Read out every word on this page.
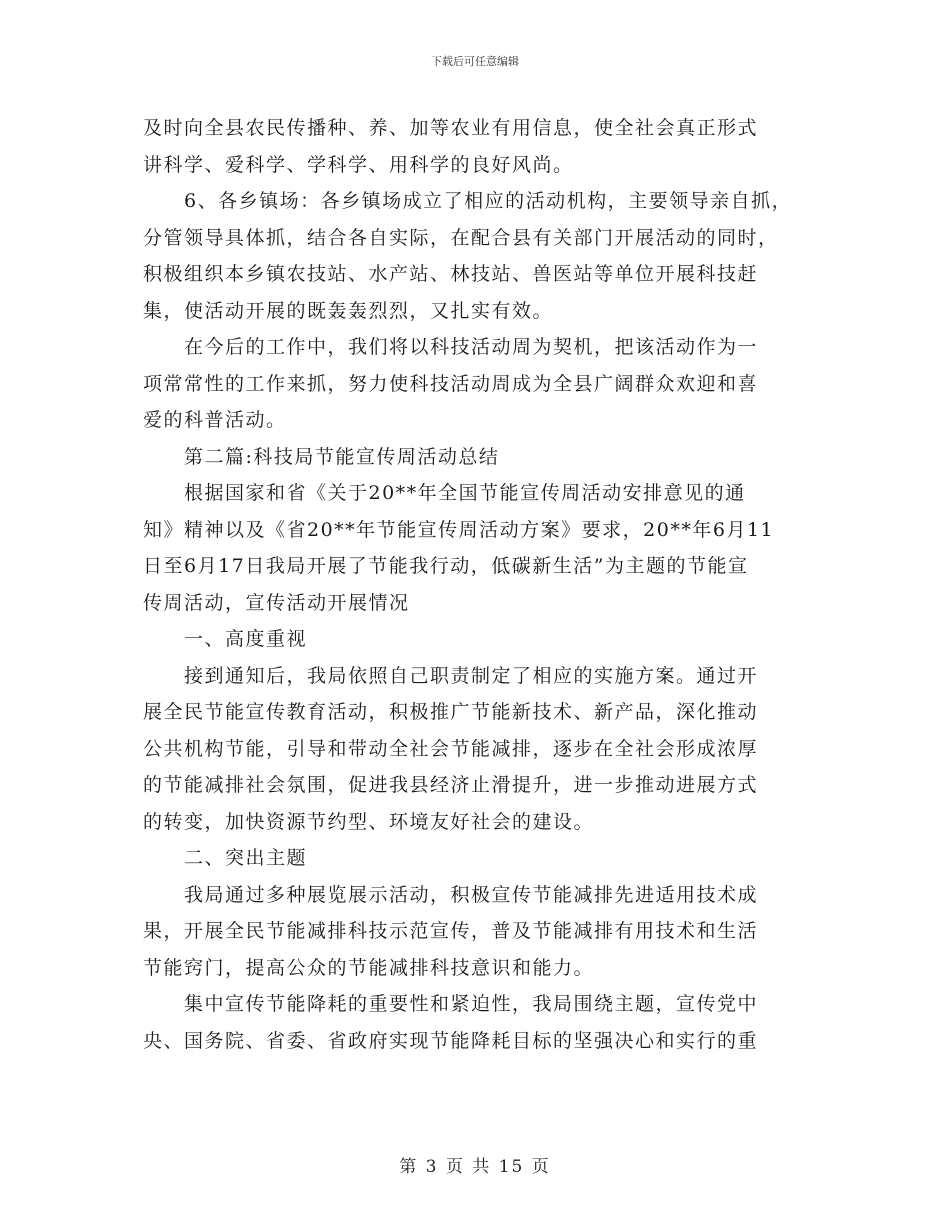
下载后可任意编辑

及时向全县农民传播种、养、加等农业有用信息，使全社会真正形式

讲科学、爱科学、学科学、用科学的良好风尚。

6、各乡镇场：各乡镇场成立了相应的活动机构，主要领导亲自抓，

分管领导具体抓，结合各自实际，在配合县有关部门开展活动的同时，

积极组织本乡镇农技站、水产站、林技站、兽医站等单位开展科技赶

集，使活动开展的既轰轰烈烈，又扎实有效。

在今后的工作中，我们将以科技活动周为契机，把该活动作为一

项常常性的工作来抓，努力使科技活动周成为全县广阔群众欢迎和喜

爱的科普活动。

第二篇:科技局节能宣传周活动总结

根据国家和省《关于20**年全国节能宣传周活动安排意见的通

知》精神以及《省20**年节能宣传周活动方案》要求，20**年6月11

日至6月17日我局开展了节能我行动，低碳新生活”为主题的节能宣

传周活动，宣传活动开展情况

一、高度重视

接到通知后，我局依照自己职责制定了相应的实施方案。通过开

展全民节能宣传教育活动，积极推广节能新技术、新产品，深化推动

公共机构节能，引导和带动全社会节能减排，逐步在全社会形成浓厚

的节能减排社会氛围，促进我县经济止滑提升，进一步推动进展方式

的转变，加快资源节约型、环境友好社会的建设。

二、突出主题

我局通过多种展览展示活动，积极宣传节能减排先进适用技术成

果，开展全民节能减排科技示范宣传，普及节能减排有用技术和生活

节能窍门，提高公众的节能减排科技意识和能力。

集中宣传节能降耗的重要性和紧迫性，我局围绕主题，宣传党中

央、国务院、省委、省政府实现节能降耗目标的坚强决心和实行的重

第 3 页 共 15 页
